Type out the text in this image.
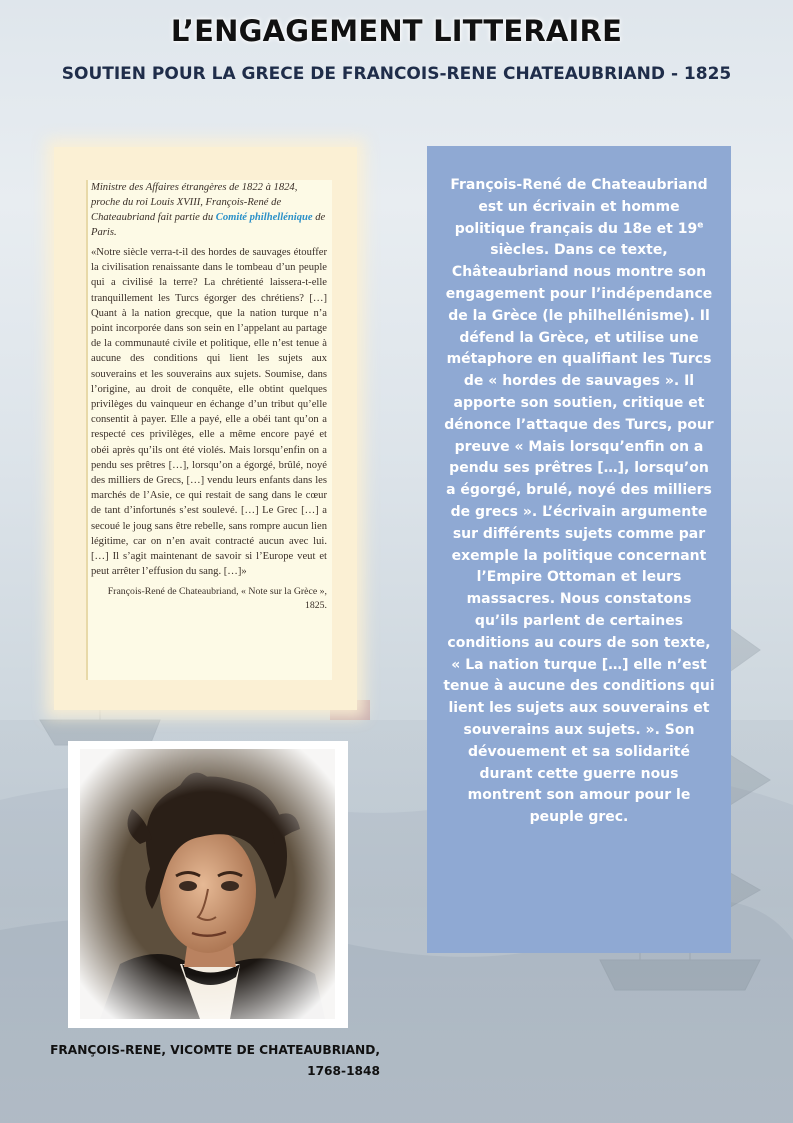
L’ENGAGEMENT LITTERAIRE
SOUTIEN POUR LA GRECE DE FRANCOIS-RENE CHATEAUBRIAND - 1825

Ministre des Affaires étrangères de 1822 à 1824, proche du roi Louis XVIII, François-René de Chateaubriand fait partie du Comité philhellénique de Paris.

«Notre siècle verra-t-il des hordes de sauvages étouffer la civilisation renaissante dans le tombeau d’un peuple qui a civilisé la terre? La chrétienté laissera-t-elle tranquillement les Turcs égorger des chrétiens? […] Quant à la nation grecque, que la nation turque n’a point incorporée dans son sein en l’appelant au partage de la communauté civile et politique, elle n’est tenue à aucune des conditions qui lient les sujets aux souverains et les souverains aux sujets. Soumise, dans l’origine, au droit de conquête, elle obtint quelques privilèges du vainqueur en échange d’un tribut qu’elle consentit à payer. Elle a payé, elle a obéi tant qu’on a respecté ces privilèges, elle a même encore payé et obéi après qu’ils ont été violés. Mais lorsqu’enfin on a pendu ses prêtres […], lorsqu’on a égorgé, brûlé, noyé des milliers de Grecs, […] vendu leurs enfants dans les marchés de l’Asie, ce qui restait de sang dans le cœur de tant d’infortunés s’est soulevé. […] Le Grec […] a secoué le joug sans être rebelle, sans rompre aucun lien légitime, car on n’en avait contracté aucun avec lui. […] Il s’agit maintenant de savoir si l’Europe veut et peut arrêter l’effusion du sang. […]»

François-René de Chateaubriand, « Note sur la Grèce », 1825.

FRANÇOIS-RENE, VICOMTE DE CHATEAUBRIAND,
1768-1848

François-René de Chateaubriand est un écrivain et homme politique français du 18e et 19e siècles. Dans ce texte, Châteaubriand nous montre son engagement pour l’indépendance de la Grèce (le philhellénisme). Il défend la Grèce, et utilise une métaphore en qualifiant les Turcs de « hordes de sauvages ». Il apporte son soutien, critique et dénonce l’attaque des Turcs, pour preuve « Mais lorsqu’enfin on a pendu ses prêtres […], lorsqu’on a égorgé, brulé, noyé des milliers de grecs ». L’écrivain argumente sur différents sujets comme par exemple la politique concernant l’Empire Ottoman et leurs massacres. Nous constatons qu’ils parlent de certaines conditions au cours de son texte, « La nation turque […] elle n’est tenue à aucune des conditions qui lient les sujets aux souverains et souverains aux sujets. ». Son dévouement et sa solidarité durant cette guerre nous montrent son amour pour le peuple grec.
